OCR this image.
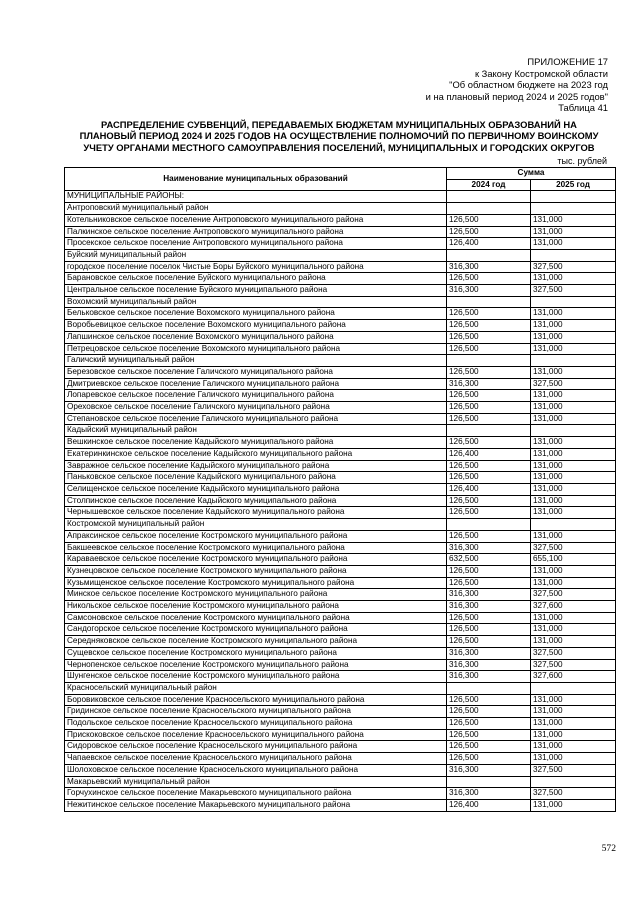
ПРИЛОЖЕНИЕ 17
к Закону Костромской области
"Об областном бюджете на 2023 год
и на плановый период 2024 и 2025 годов"
Таблица 41
РАСПРЕДЕЛЕНИЕ СУБВЕНЦИЙ, ПЕРЕДАВАЕМЫХ БЮДЖЕТАМ МУНИЦИПАЛЬНЫХ ОБРАЗОВАНИЙ НА
ПЛАНОВЫЙ ПЕРИОД 2024 И 2025 ГОДОВ НА ОСУЩЕСТВЛЕНИЕ ПОЛНОМОЧИЙ ПО ПЕРВИЧНОМУ ВОИНСКОМУ
УЧЕТУ ОРГАНАМИ МЕСТНОГО САМОУПРАВЛЕНИЯ ПОСЕЛЕНИЙ, МУНИЦИПАЛЬНЫХ И ГОРОДСКИХ ОКРУГОВ
тыс. рублей
Наименование муниципальных образований	Сумма	
	2024 год	2025 год
МУНИЦИПАЛЬНЫЕ РАЙОНЫ:		
Антроповский муниципальный район		
Котельниковское сельское поселение Антроповского муниципального района	126,500	131,000
Палкинское сельское поселение Антроповского муниципального района	126,500	131,000
Просекское сельское поселение Антроповского муниципального района	126,400	131,000
Буйский муниципальный район		
городское поселение поселок Чистые Боры Буйского муниципального района	316,300	327,500
Барановское сельское поселение Буйского муниципального района	126,500	131,000
Центральное сельское поселение Буйского муниципального района	316,300	327,500
Вохомский муниципальный район		
Бельковское сельское поселение Вохомского муниципального района	126,500	131,000
Воробьевицкое сельское поселение Вохомского муниципального района	126,500	131,000
Лапшинское сельское поселение Вохомского муниципального района	126,500	131,000
Петрецовское сельское поселение Вохомского муниципального района	126,500	131,000
Галичский муниципальный район		
Березовское сельское поселение Галичского муниципального района	126,500	131,000
Дмитриевское сельское поселение Галичского муниципального района	316,300	327,500
Лопаревское сельское поселение Галичского муниципального района	126,500	131,000
Ореховское сельское поселение Галичского муниципального района	126,500	131,000
Степановское сельское поселение Галичского муниципального района	126,500	131,000
Кадыйский муниципальный район		
Вешкинское сельское поселение Кадыйского муниципального района	126,500	131,000
Екатеринкинское сельское поселение Кадыйского муниципального района	126,400	131,000
Завражное сельское поселение Кадыйского муниципального района	126,500	131,000
Паньковское сельское поселение Кадыйского муниципального района	126,500	131,000
Селищенское сельское поселение Кадыйского муниципального района	126,400	131,000
Столпинское сельское поселение Кадыйского муниципального района	126,500	131,000
Чернышевское сельское поселение Кадыйского муниципального района	126,500	131,000
Костромской муниципальный район		
Апраксинское сельское поселение Костромского муниципального района	126,500	131,000
Бакшеевское сельское поселение Костромского муниципального района	316,300	327,500
Караваевское сельское поселение Костромского муниципального района	632,500	655,100
Кузнецовское сельское поселение Костромского муниципального района	126,500	131,000
Кузьмищенское сельское поселение Костромского муниципального района	126,500	131,000
Минское сельское поселение Костромского муниципального района	316,300	327,500
Никольское сельское поселение Костромского муниципального района	316,300	327,600
Самсоновское сельское поселение Костромского муниципального района	126,500	131,000
Сандогорское сельское поселение Костромского муниципального района	126,500	131,000
Середняковское сельское поселение Костромского муниципального района	126,500	131,000
Сущевское сельское поселение Костромского муниципального района	316,300	327,500
Чернопенское сельское поселение Костромского муниципального района	316,300	327,500
Шунгенское сельское поселение Костромского муниципального района	316,300	327,600
Красносельский муниципальный район		
Боровиковское сельское поселение Красносельского муниципального района	126,500	131,000
Гридинское сельское поселение Красносельского муниципального района	126,500	131,000
Подольское сельское поселение Красносельского муниципального района	126,500	131,000
Прискоковское сельское поселение Красносельского муниципального района	126,500	131,000
Сидоровское сельское поселение Красносельского муниципального района	126,500	131,000
Чапаевское сельское поселение Красносельского муниципального района	126,500	131,000
Шолоховское сельское поселение Красносельского муниципального района	316,300	327,500
Макарьевский муниципальный район		
Горчухинское сельское поселение Макарьевского муниципального района	316,300	327,500
Нежитинское сельское поселение Макарьевского муниципального района	126,400	131,000
572
